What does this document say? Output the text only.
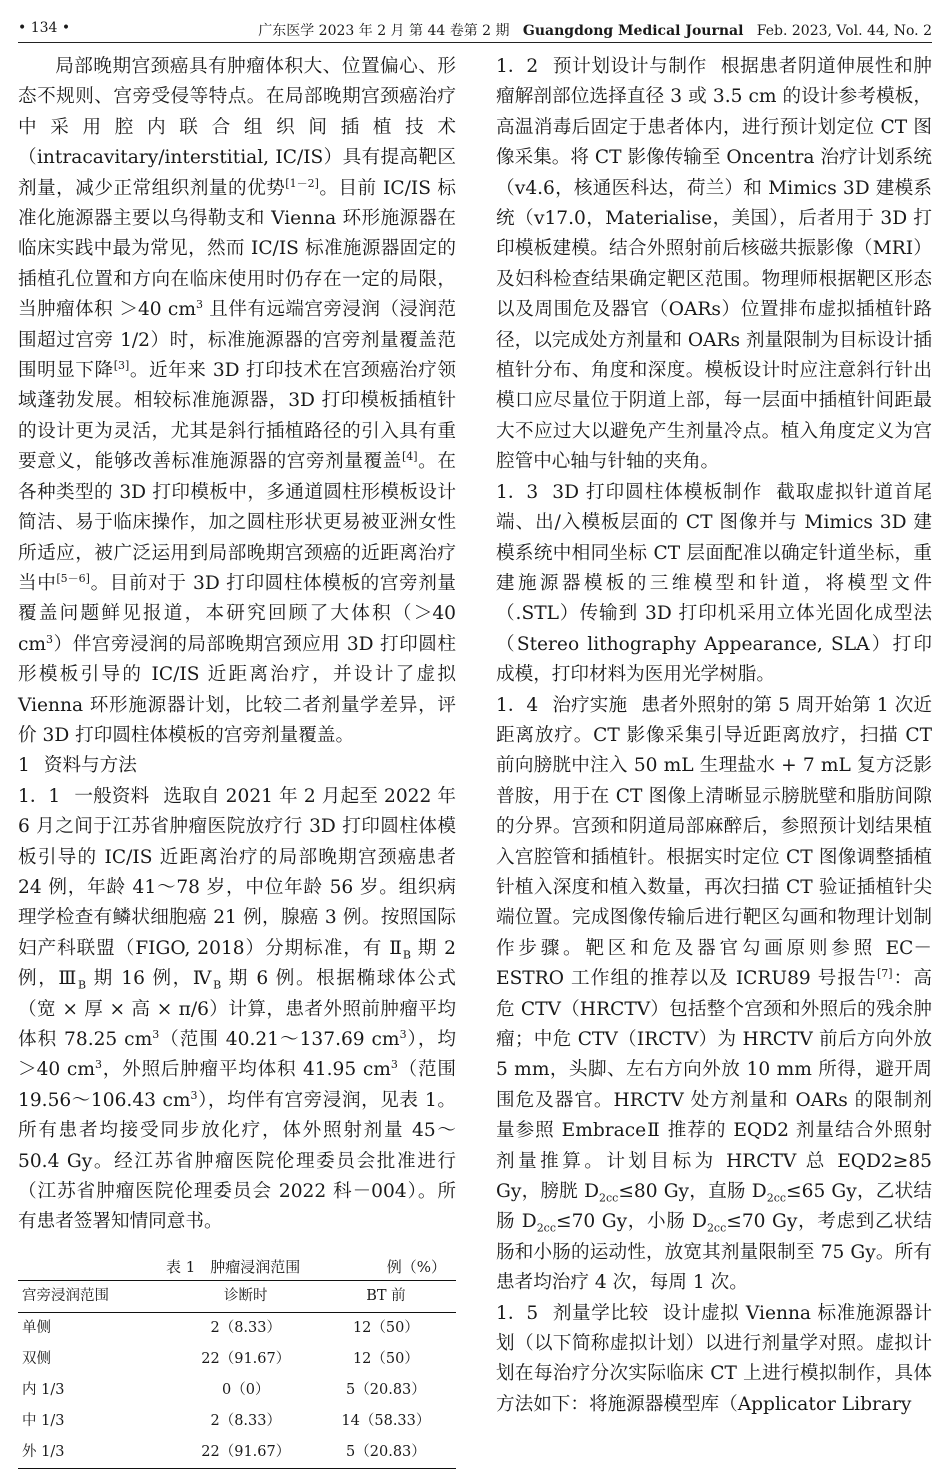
• 134 •	广东医学 2023 年 2 月 第 44 卷第 2 期 Guangdong Medical Journal Feb. 2023, Vol. 44, No. 2

局部晚期宫颈癌具有肿瘤体积大、位置偏心、形态不规则、宫旁受侵等特点。在局部晚期宫颈癌治疗中采用腔内联合组织间插植技术（intracavitary/interstitial, IC/IS）具有提高靶区剂量，减少正常组织剂量的优势[1－2]。目前 IC/IS 标准化施源器主要以乌得勒支和 Vienna 环形施源器在临床实践中最为常见，然而 IC/IS 标准施源器固定的插植孔位置和方向在临床使用时仍存在一定的局限，当肿瘤体积 ＞40 $cm^3$ 且伴有远端宫旁浸润（浸润范围超过宫旁 1/2）时，标准施源器的宫旁剂量覆盖范围明显下降[3]。近年来 3D 打印技术在宫颈癌治疗领域蓬勃发展。相较标准施源器，3D 打印模板插植针的设计更为灵活，尤其是斜行插植路径的引入具有重要意义，能够改善标准施源器的宫旁剂量覆盖[4]。在各种类型的 3D 打印模板中，多通道圆柱形模板设计简洁、易于临床操作，加之圆柱形状更易被亚洲女性所适应，被广泛运用到局部晚期宫颈癌的近距离治疗当中[5－6]。目前对于 3D 打印圆柱体模板的宫旁剂量覆盖问题鲜见报道，本研究回顾了大体积（＞40 $cm^3$）伴宫旁浸润的局部晚期宫颈应用 3D 打印圆柱形模板引导的 IC/IS 近距离治疗，并设计了虚拟 Vienna 环形施源器计划，比较二者剂量学差异，评价 3D 打印圆柱体模板的宫旁剂量覆盖。

1 资料与方法

1．1 一般资料 选取自 2021 年 2 月起至 2022 年 6 月之间于江苏省肿瘤医院放疗行 3D 打印圆柱体模板引导的 IC/IS 近距离治疗的局部晚期宫颈癌患者 24 例，年龄 41～78 岁，中位年龄 56 岁。组织病理学检查有鳞状细胞癌 21 例，腺癌 3 例。按照国际妇产科联盟（FIGO, 2018）分期标准，有 $Ⅱ_B$ 期 2 例，$Ⅲ_B$ 期 16 例，$Ⅳ_B$ 期 6 例。根据椭球体公式（宽 × 厚 × 高 × π/6）计算，患者外照前肿瘤平均体积 78.25 $cm^3$（范围 40.21～137.69 $cm^3$），均 ＞40 $cm^3$，外照后肿瘤平均体积 41.95 $cm^3$（范围 19.56～106.43 $cm^3$），均伴有宫旁浸润，见表 1。所有患者均接受同步放化疗，体外照射剂量 45～50.4 Gy。经江苏省肿瘤医院伦理委员会批准进行（江苏省肿瘤医院伦理委员会 2022 科－004）。所有患者签署知情同意书。

表 1　肿瘤浸润范围	例（%）
宫旁浸润范围	诊断时	BT 前
单侧	2（8.33）	12（50）
双侧	22（91.67）	12（50）
内 1/3	0（0）	5（20.83）
中 1/3	2（8.33）	14（58.33）
外 1/3	22（91.67）	5（20.83）

1．2 预计划设计与制作 根据患者阴道伸展性和肿瘤解剖部位选择直径 3 或 3.5 cm 的设计参考模板，高温消毒后固定于患者体内，进行预计划定位 CT 图像采集。将 CT 影像传输至 Oncentra 治疗计划系统（v4.6，核通医科达，荷兰）和 Mimics 3D 建模系统（v17.0，Materialise，美国），后者用于 3D 打印模板建模。结合外照射前后核磁共振影像（MRI）及妇科检查结果确定靶区范围。物理师根据靶区形态以及周围危及器官（OARs）位置排布虚拟插植针路径，以完成处方剂量和 OARs 剂量限制为目标设计插植针分布、角度和深度。模板设计时应注意斜行针出模口应尽量位于阴道上部，每一层面中插植针间距最大不应过大以避免产生剂量冷点。植入角度定义为宫腔管中心轴与针轴的夹角。

1．3 3D 打印圆柱体模板制作 截取虚拟针道首尾端、出/入模板层面的 CT 图像并与 Mimics 3D 建模系统中相同坐标 CT 层面配准以确定针道坐标，重建施源器模板的三维模型和针道，将模型文件（.STL）传输到 3D 打印机采用立体光固化成型法（Stereo lithography Appearance, SLA）打印成模，打印材料为医用光学树脂。

1．4 治疗实施 患者外照射的第 5 周开始第 1 次近距离放疗。CT 影像采集引导近距离放疗，扫描 CT 前向膀胱中注入 50 mL 生理盐水 + 7 mL 复方泛影普胺，用于在 CT 图像上清晰显示膀胱壁和脂肪间隙的分界。宫颈和阴道局部麻醉后，参照预计划结果植入宫腔管和插植针。根据实时定位 CT 图像调整插植针植入深度和植入数量，再次扫描 CT 验证插植针尖端位置。完成图像传输后进行靶区勾画和物理计划制作步骤。靶区和危及器官勾画原则参照 EC－ESTRO 工作组的推荐以及 ICRU89 号报告[7]：高危 CTV（HRCTV）包括整个宫颈和外照后的残余肿瘤；中危 CTV（IRCTV）为 HRCTV 前后方向外放 5 mm，头脚、左右方向外放 10 mm 所得，避开周围危及器官。HRCTV 处方剂量和 OARs 的限制剂量参照 EmbraceⅡ 推荐的 EQD2 剂量结合外照射剂量推算。计划目标为 HRCTV 总 EQD2≥85 Gy，膀胱 $D_{2cc}\le 80$ Gy，直肠 $D_{2cc}\le 65$ Gy，乙状结肠 $D_{2cc}\le 70$ Gy，小肠 $D_{2cc}\le 70$ Gy，考虑到乙状结肠和小肠的运动性，放宽其剂量限制至 75 Gy。所有患者均治疗 4 次，每周 1 次。

1．5 剂量学比较 设计虚拟 Vienna 标准施源器计划（以下简称虚拟计划）以进行剂量学对照。虚拟计划在每治疗分次实际临床 CT 上进行模拟制作，具体方法如下：将施源器模型库（Applicator Library
